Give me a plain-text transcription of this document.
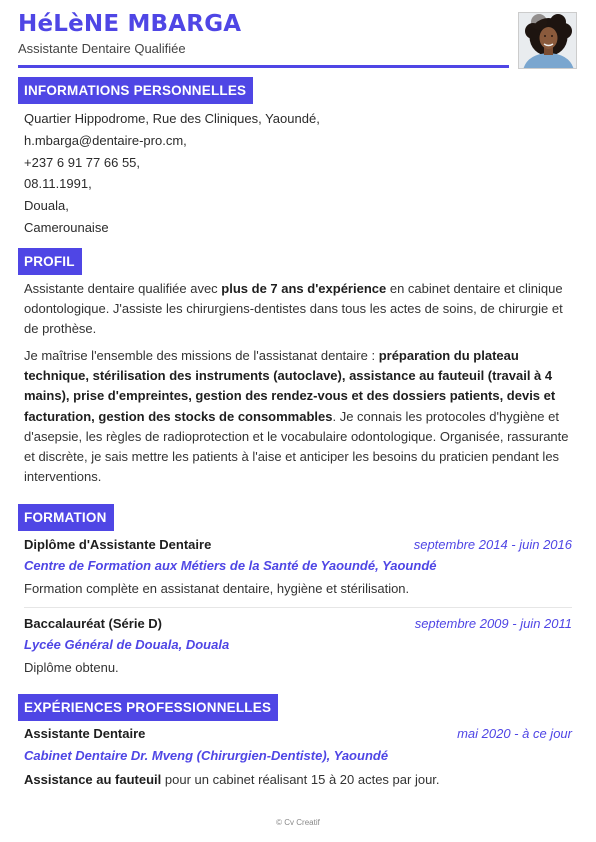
HéLèNE MBARGA
Assistante Dentaire Qualifiée
INFORMATIONS PERSONNELLES
Quartier Hippodrome, Rue des Cliniques, Yaoundé,
h.mbarga@dentaire-pro.cm,
+237 6 91 77 66 55,
08.11.1991,
Douala,
Camerounaise
PROFIL
Assistante dentaire qualifiée avec plus de 7 ans d'expérience en cabinet dentaire et clinique odontologique. J'assiste les chirurgiens-dentistes dans tous les actes de soins, de chirurgie et de prothèse.
Je maîtrise l'ensemble des missions de l'assistanat dentaire : préparation du plateau technique, stérilisation des instruments (autoclave), assistance au fauteuil (travail à 4 mains), prise d'empreintes, gestion des rendez-vous et des dossiers patients, devis et facturation, gestion des stocks de consommables. Je connais les protocoles d'hygiène et d'asepsie, les règles de radioprotection et le vocabulaire odontologique. Organisée, rassurante et discrète, je sais mettre les patients à l'aise et anticiper les besoins du praticien pendant les interventions.
FORMATION
Diplôme d'Assistante Dentaire	septembre 2014 - juin 2016
Centre de Formation aux Métiers de la Santé de Yaoundé, Yaoundé
Formation complète en assistanat dentaire, hygiène et stérilisation.
Baccalauréat (Série D)	septembre 2009 - juin 2011
Lycée Général de Douala, Douala
Diplôme obtenu.
EXPÉRIENCES PROFESSIONNELLES
Assistante Dentaire	mai 2020 - à ce jour
Cabinet Dentaire Dr. Mveng (Chirurgien-Dentiste), Yaoundé
Assistance au fauteuil pour un cabinet réalisant 15 à 20 actes par jour.
© Cv Creatif
